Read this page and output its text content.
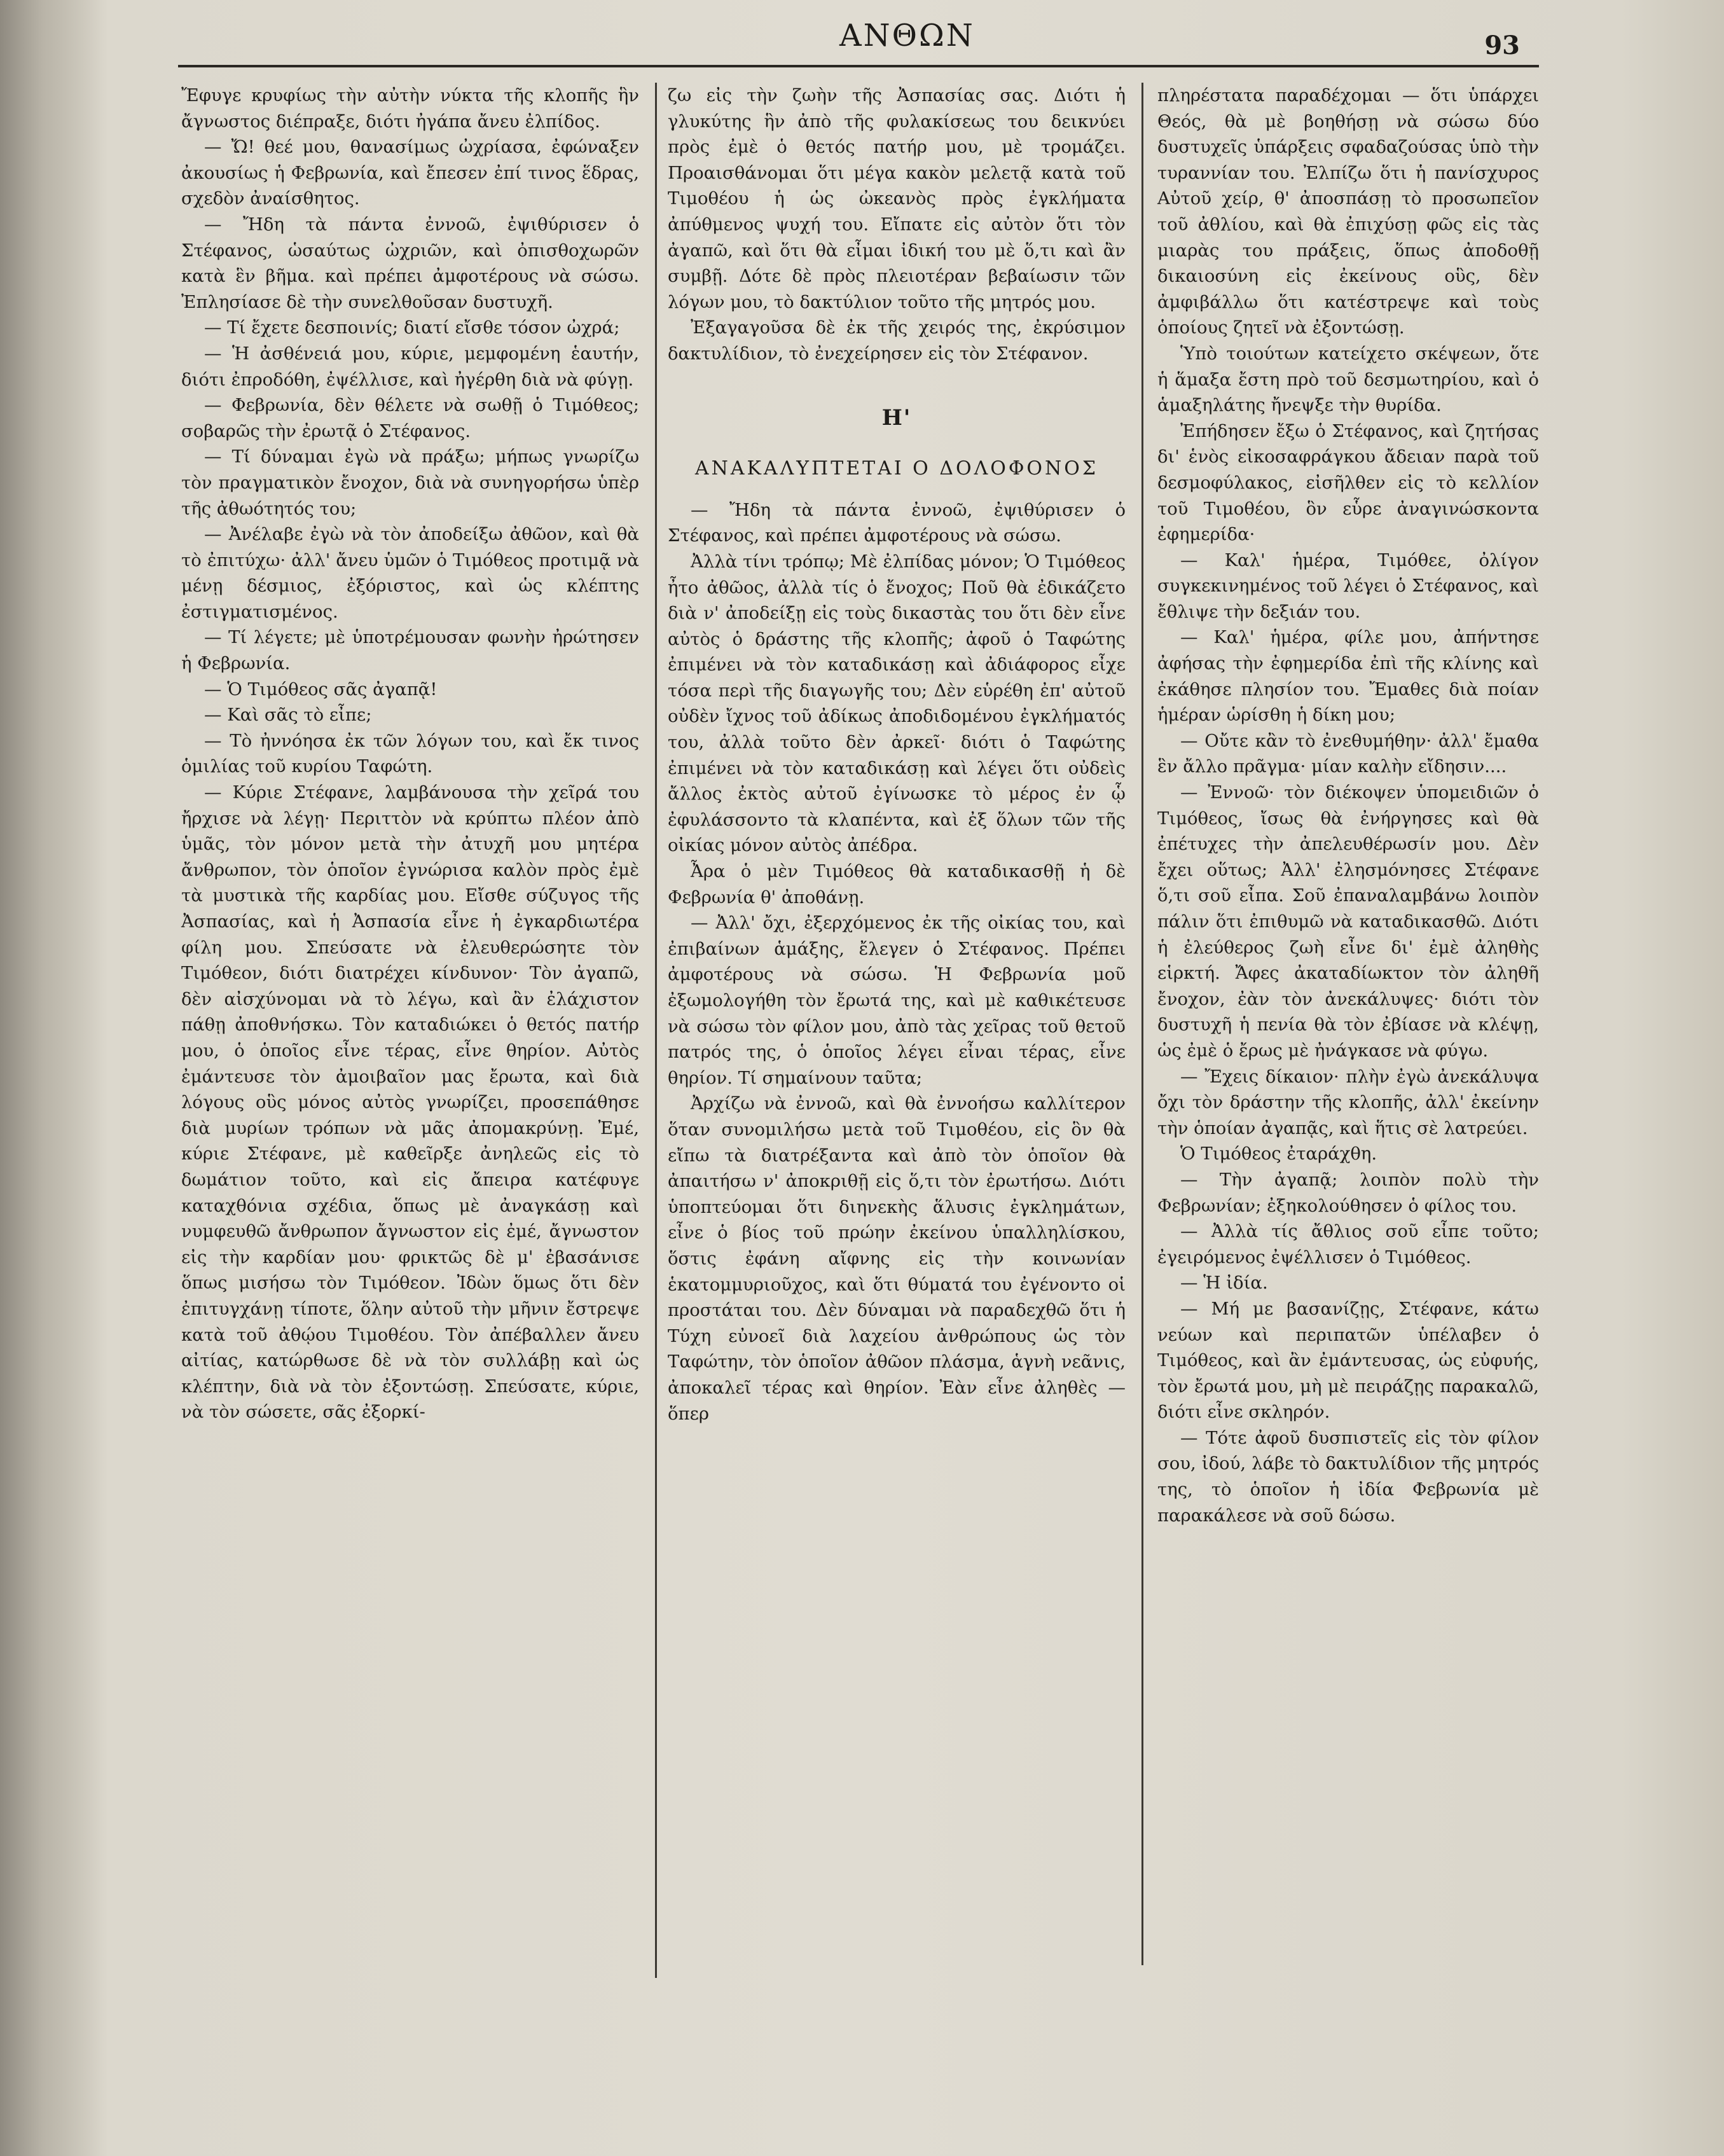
ΑΝΘΩΝ	93

Ἔφυγε κρυφίως τὴν αὐτὴν νύκτα τῆς κλοπῆς ἣν ἄγνωστος διέπραξε, διότι ἠγάπα ἄνευ ἐλπίδος.

— Ὤ! θεέ μου, θανασίμως ὠχρίασα, ἐφώναξεν ἀκουσίως ἡ Φεβρωνία, καὶ ἔπεσεν ἐπί τινος ἕδρας, σχεδὸν ἀναίσθητος.

— Ἤδη τὰ πάντα ἐννοῶ, ἐψιθύρισεν ὁ Στέφανος, ὡσαύτως ὠχριῶν, καὶ ὀπισθοχωρῶν κατὰ ἓν βῆμα. καὶ πρέπει ἀμφοτέρους νὰ σώσω. Ἐπλησίασε δὲ τὴν συνελθοῦσαν δυστυχῆ.

— Τί ἔχετε δεσποινίς; διατί εἴσθε τόσον ὠχρά;

— Ἡ ἀσθένειά μου, κύριε, μεμφομένη ἑαυτήν, διότι ἐπροδόθη, ἐψέλλισε, καὶ ἠγέρθη διὰ νὰ φύγῃ.

— Φεβρωνία, δὲν θέλετε νὰ σωθῇ ὁ Τιμόθεος; σοβαρῶς τὴν ἐρωτᾷ ὁ Στέφανος.

— Τί δύναμαι ἐγὼ νὰ πράξω; μήπως γνωρίζω τὸν πραγματικὸν ἔνοχον, διὰ νὰ συνηγορήσω ὑπὲρ τῆς ἀθωότητός του;

— Ἀνέλαβε ἐγὼ νὰ τὸν ἀποδείξω ἀθῶον, καὶ θὰ τὸ ἐπιτύχω· ἀλλ' ἄνευ ὑμῶν ὁ Τιμόθεος προτιμᾷ νὰ μένῃ δέσμιος, ἐξόριστος, καὶ ὡς κλέπτης ἐστιγματισμένος.

— Τί λέγετε; μὲ ὑποτρέμουσαν φωνὴν ἠρώτησεν ἡ Φεβρωνία.

— Ὁ Τιμόθεος σᾶς ἀγαπᾷ!

— Καὶ σᾶς τὸ εἶπε;

— Τὸ ἠννόησα ἐκ τῶν λόγων του, καὶ ἔκ τινος ὁμιλίας τοῦ κυρίου Ταφώτη.

— Κύριε Στέφανε, λαμβάνουσα τὴν χεῖρά του ἤρχισε νὰ λέγῃ· Περιττὸν νὰ κρύπτω πλέον ἀπὸ ὑμᾶς, τὸν μόνον μετὰ τὴν ἀτυχῆ μου μητέρα ἄνθρωπον, τὸν ὁποῖον ἐγνώρισα καλὸν πρὸς ἐμὲ τὰ μυστικὰ τῆς καρδίας μου. Εἴσθε σύζυγος τῆς Ἀσπασίας, καὶ ἡ Ἀσπασία εἶνε ἡ ἐγκαρδιωτέρα φίλη μου. Σπεύσατε νὰ ἐλευθερώσητε τὸν Τιμόθεον, διότι διατρέχει κίνδυνον· Τὸν ἀγαπῶ, δὲν αἰσχύνομαι νὰ τὸ λέγω, καὶ ἂν ἐλάχιστον πάθῃ ἀποθνήσκω. Τὸν καταδιώκει ὁ θετός πατήρ μου, ὁ ὁποῖος εἶνε τέρας, εἶνε θηρίον. Αὐτὸς ἐμάντευσε τὸν ἀμοιβαῖον μας ἔρωτα, καὶ διὰ λόγους οὓς μόνος αὐτὸς γνωρίζει, προσεπάθησε διὰ μυρίων τρόπων νὰ μᾶς ἀπομακρύνῃ. Ἐμέ, κύριε Στέφανε, μὲ καθεῖρξε ἀνηλεῶς εἰς τὸ δωμάτιον τοῦτο, καὶ εἰς ἄπειρα κατέφυγε καταχθόνια σχέδια, ὅπως μὲ ἀναγκάσῃ καὶ νυμφευθῶ ἄνθρωπον ἄγνωστον εἰς ἐμέ, ἄγνωστον εἰς τὴν καρδίαν μου· φρικτῶς δὲ μ' ἐβασάνισε ὅπως μισήσω τὸν Τιμόθεον. Ἰδὼν ὅμως ὅτι δὲν ἐπιτυγχάνῃ τίποτε, ὅλην αὐτοῦ τὴν μῆνιν ἔστρεψε κατὰ τοῦ ἀθῴου Τιμοθέου. Τὸν ἀπέβαλλεν ἄνευ αἰτίας, κατώρθωσε δὲ νὰ τὸν συλλάβῃ καὶ ὡς κλέπτην, διὰ νὰ τὸν ἐξοντώσῃ. Σπεύσατε, κύριε, νὰ τὸν σώσετε, σᾶς ἐξορκί-

ζω εἰς τὴν ζωὴν τῆς Ἀσπασίας σας. Διότι ἡ γλυκύτης ἣν ἀπὸ τῆς φυλακίσεως του δεικνύει πρὸς ἐμὲ ὁ θετός πατήρ μου, μὲ τρομάζει. Προαισθάνομαι ὅτι μέγα κακὸν μελετᾷ κατὰ τοῦ Τιμοθέου ἡ ὡς ὠκεανὸς πρὸς ἐγκλήματα ἀπύθμενος ψυχή του. Εἴπατε εἰς αὐτὸν ὅτι τὸν ἀγαπῶ, καὶ ὅτι θὰ εἶμαι ἰδική του μὲ ὅ,τι καὶ ἂν συμβῇ. Δότε δὲ πρὸς πλειοτέραν βεβαίωσιν τῶν λόγων μου, τὸ δακτύλιον τοῦτο τῆς μητρός μου.

Ἐξαγαγοῦσα δὲ ἐκ τῆς χειρός της, ἐκρύσιμον δακτυλίδιον, τὸ ἐνεχείρησεν εἰς τὸν Στέφανον.

Η'
ΑΝΑΚΑΛΥΠΤΕΤΑΙ Ο ΔΟΛΟΦΟΝΟΣ

— Ἤδη τὰ πάντα ἐννοῶ, ἐψιθύρισεν ὁ Στέφανος, καὶ πρέπει ἀμφοτέρους νὰ σώσω.

Ἀλλὰ τίνι τρόπῳ; Μὲ ἐλπίδας μόνον; Ὁ Τιμόθεος ἦτο ἀθῶος, ἀλλὰ τίς ὁ ἔνοχος; Ποῦ θὰ ἐδικάζετο διὰ ν' ἀποδείξῃ εἰς τοὺς δικαστὰς του ὅτι δὲν εἶνε αὐτὸς ὁ δράστης τῆς κλοπῆς; ἀφοῦ ὁ Ταφώτης ἐπιμένει νὰ τὸν καταδικάσῃ καὶ ἀδιάφορος εἶχε τόσα περὶ τῆς διαγωγῆς του; Δὲν εὑρέθη ἐπ' αὐτοῦ οὐδὲν ἴχνος τοῦ ἀδίκως ἀποδιδομένου ἐγκλήματός του, ἀλλὰ τοῦτο δὲν ἀρκεῖ· διότι ὁ Ταφώτης ἐπιμένει νὰ τὸν καταδικάσῃ καὶ λέγει ὅτι οὐδεὶς ἄλλος ἐκτὸς αὐτοῦ ἐγίνωσκε τὸ μέρος ἐν ᾧ ἐφυλάσσοντο τὰ κλαπέντα, καὶ ἐξ ὅλων τῶν τῆς οἰκίας μόνον αὐτὸς ἀπέδρα.

Ἆρα ὁ μὲν Τιμόθεος θὰ καταδικασθῇ ἡ δὲ Φεβρωνία θ' ἀποθάνῃ.

— Ἀλλ' ὄχι, ἐξερχόμενος ἐκ τῆς οἰκίας του, καὶ ἐπιβαίνων ἁμάξης, ἔλεγεν ὁ Στέφανος. Πρέπει ἀμφοτέρους νὰ σώσω. Ἡ Φεβρωνία μοῦ ἐξωμολογήθη τὸν ἔρωτά της, καὶ μὲ καθικέτευσε νὰ σώσω τὸν φίλον μου, ἀπὸ τὰς χεῖρας τοῦ θετοῦ πατρός της, ὁ ὁποῖος λέγει εἶναι τέρας, εἶνε θηρίον. Τί σημαίνουν ταῦτα;

Ἀρχίζω νὰ ἐννοῶ, καὶ θὰ ἐννοήσω καλλίτερον ὅταν συνομιλήσω μετὰ τοῦ Τιμοθέου, εἰς ὃν θὰ εἴπω τὰ διατρέξαντα καὶ ἀπὸ τὸν ὁποῖον θὰ ἀπαιτήσω ν' ἀποκριθῇ εἰς ὅ,τι τὸν ἐρωτήσω. Διότι ὑποπτεύομαι ὅτι διηνεκὴς ἅλυσις ἐγκλημάτων, εἶνε ὁ βίος τοῦ πρώην ἐκείνου ὑπαλληλίσκου, ὅστις ἐφάνη αἴφνης εἰς τὴν κοινωνίαν ἑκατομμυριοῦχος, καὶ ὅτι θύματά του ἐγένοντο οἱ προστάται του. Δὲν δύναμαι νὰ παραδεχθῶ ὅτι ἡ Τύχη εὐνοεῖ διὰ λαχείου ἀνθρώπους ὡς τὸν Ταφώτην, τὸν ὁποῖον ἀθῶον πλάσμα, ἁγνὴ νεᾶνις, ἀποκαλεῖ τέρας καὶ θηρίον. Ἐὰν εἶνε ἀληθὲς — ὅπερ

πληρέστατα παραδέχομαι — ὅτι ὑπάρχει Θεός, θὰ μὲ βοηθήσῃ νὰ σώσω δύο δυστυχεῖς ὑπάρξεις σφαδαζούσας ὑπὸ τὴν τυραννίαν του. Ἐλπίζω ὅτι ἡ πανίσχυρος Αὐτοῦ χείρ, θ' ἀποσπάσῃ τὸ προσωπεῖον τοῦ ἀθλίου, καὶ θὰ ἐπιχύσῃ φῶς εἰς τὰς μιαρὰς του πράξεις, ὅπως ἀποδοθῇ δικαιοσύνη εἰς ἐκείνους οὓς, δὲν ἀμφιβάλλω ὅτι κατέστρεψε καὶ τοὺς ὁποίους ζητεῖ νὰ ἐξοντώσῃ.

Ὑπὸ τοιούτων κατείχετο σκέψεων, ὅτε ἡ ἅμαξα ἔστη πρὸ τοῦ δεσμωτηρίου, καὶ ὁ ἁμαξηλάτης ἤνεψξε τὴν θυρίδα.

Ἐπήδησεν ἔξω ὁ Στέφανος, καὶ ζητήσας δι' ἑνὸς εἰκοσαφράγκου ἄδειαν παρὰ τοῦ δεσμοφύλακος, εἰσῆλθεν εἰς τὸ κελλίον τοῦ Τιμοθέου, ὃν εὗρε ἀναγινώσκοντα ἐφημερίδα·

— Καλ' ἡμέρα, Τιμόθεε, ὀλίγον συγκεκινημένος τοῦ λέγει ὁ Στέφανος, καὶ ἔθλιψε τὴν δεξιάν του.

— Καλ' ἡμέρα, φίλε μου, ἀπήντησε ἀφήσας τὴν ἐφημερίδα ἐπὶ τῆς κλίνης καὶ ἐκάθησε πλησίον του. Ἔμαθες διὰ ποίαν ἡμέραν ὡρίσθη ἡ δίκη μου;

— Οὔτε κἂν τὸ ἐνεθυμήθην· ἀλλ' ἔμαθα ἓν ἄλλο πρᾶγμα· μίαν καλὴν εἴδησιν....

— Ἐννοῶ· τὸν διέκοψεν ὑπομειδιῶν ὁ Τιμόθεος, ἴσως θὰ ἐνήργησες καὶ θὰ ἐπέτυχες τὴν ἀπελευθέρωσίν μου. Δὲν ἔχει οὕτως; Ἀλλ' ἐλησμόνησες Στέφανε ὅ,τι σοῦ εἶπα. Σοῦ ἐπαναλαμβάνω λοιπὸν πάλιν ὅτι ἐπιθυμῶ νὰ καταδικασθῶ. Διότι ἡ ἐλεύθερος ζωὴ εἶνε δι' ἐμὲ ἀληθὴς εἱρκτή. Ἄφες ἀκαταδίωκτον τὸν ἀληθῆ ἔνοχον, ἐὰν τὸν ἀνεκάλυψες· διότι τὸν δυστυχῆ ἡ πενία θὰ τὸν ἐβίασε νὰ κλέψῃ, ὡς ἐμὲ ὁ ἔρως μὲ ἠνάγκασε νὰ φύγω.

— Ἔχεις δίκαιον· πλὴν ἐγὼ ἀνεκάλυψα ὄχι τὸν δράστην τῆς κλοπῆς, ἀλλ' ἐκείνην τὴν ὁποίαν ἀγαπᾷς, καὶ ἥτις σὲ λατρεύει.

Ὁ Τιμόθεος ἐταράχθη.

— Τὴν ἀγαπᾷ; λοιπὸν πολὺ τὴν Φεβρωνίαν; ἐξηκολούθησεν ὁ φίλος του.

— Ἀλλὰ τίς ἄθλιος σοῦ εἶπε τοῦτο; ἐγειρόμενος ἐψέλλισεν ὁ Τιμόθεος.

— Ἡ ἰδία.

— Μή με βασανίζῃς, Στέφανε, κάτω νεύων καὶ περιπατῶν ὑπέλαβεν ὁ Τιμόθεος, καὶ ἂν ἐμάντευσας, ὡς εὐφυής, τὸν ἔρωτά μου, μὴ μὲ πειράζῃς παρακαλῶ, διότι εἶνε σκληρόν.

— Τότε ἀφοῦ δυσπιστεῖς εἰς τὸν φίλον σου, ἰδού, λάβε τὸ δακτυλίδιον τῆς μητρός της, τὸ ὁποῖον ἡ ἰδία Φεβρωνία μὲ παρακάλεσε νὰ σοῦ δώσω.
